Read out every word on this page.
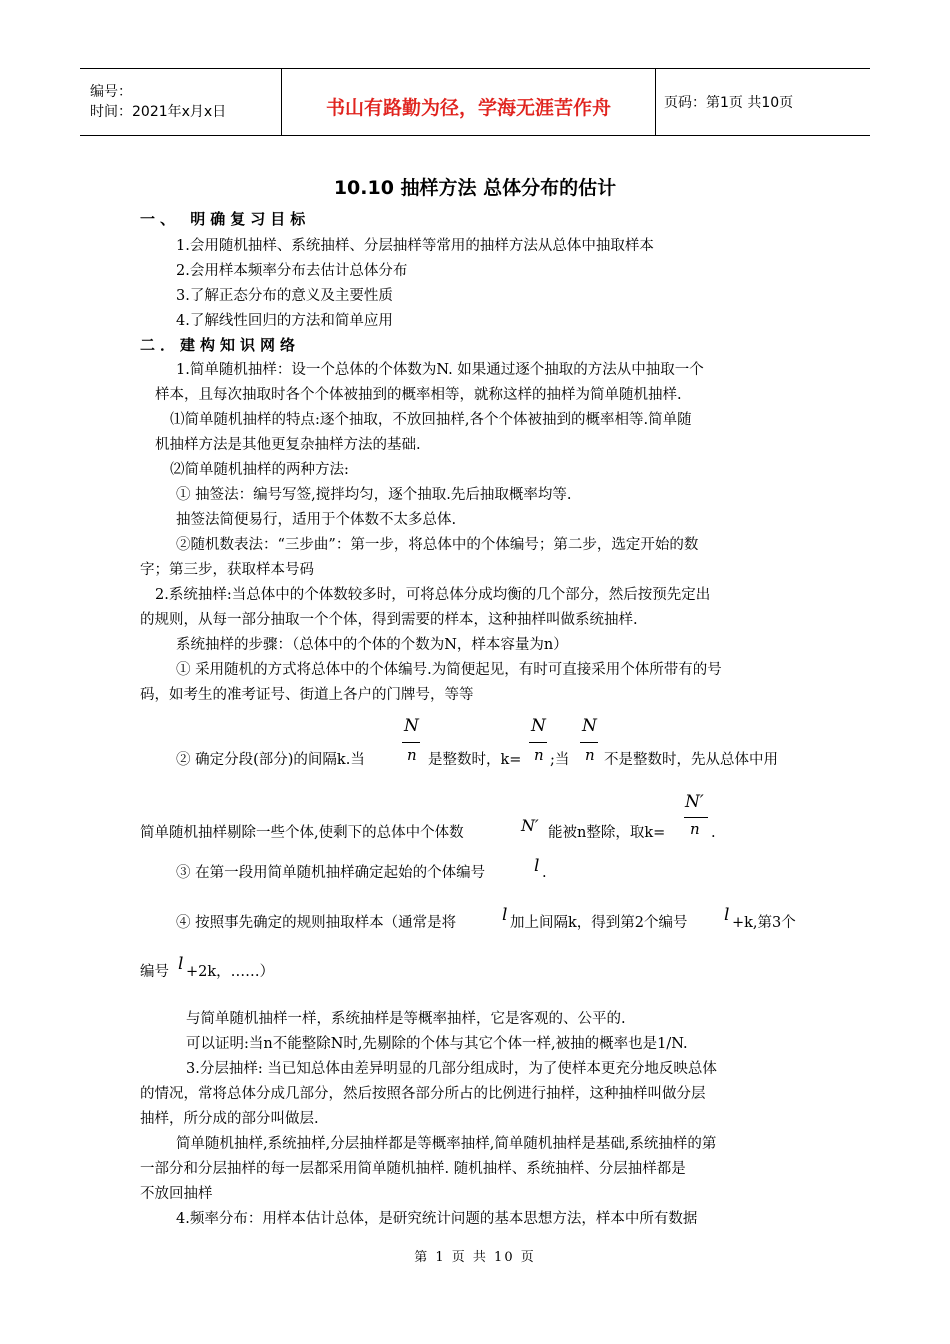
编号：
时间：2021年x月x日	书山有路勤为径，学海无涯苦作舟	页码：第1页 共10页
10.10 抽样方法 总体分布的估计
一、 明确复习目标
1.会用随机抽样、系统抽样、分层抽样等常用的抽样方法从总体中抽取样本
2.会用样本频率分布去估计总体分布
3.了解正态分布的意义及主要性质
4.了解线性回归的方法和简单应用
二．建构知识网络
1.简单随机抽样：设一个总体的个体数为N. 如果通过逐个抽取的方法从中抽取一个
样本，且每次抽取时各个个体被抽到的概率相等，就称这样的抽样为简单随机抽样.
⑴简单随机抽样的特点:逐个抽取，不放回抽样,各个个体被抽到的概率相等.简单随
机抽样方法是其他更复杂抽样方法的基础.
⑵简单随机抽样的两种方法:
① 抽签法：编号写签,搅拌均匀，逐个抽取.先后抽取概率均等.
抽签法简便易行，适用于个体数不太多总体.
②随机数表法：“三步曲”：第一步，将总体中的个体编号；第二步，选定开始的数
字；第三步，获取样本号码
2.系统抽样:当总体中的个体数较多时，可将总体分成均衡的几个部分，然后按预先定出
的规则，从每一部分抽取一个个体，得到需要的样本，这种抽样叫做系统抽样.
系统抽样的步骤：（总体中的个体的个数为N，样本容量为n）
① 采用随机的方式将总体中的个体编号.为简便起见，有时可直接采用个体所带有的号
码，如考生的准考证号、街道上各户的门牌号，等等
② 确定分段(部分)的间隔k.当
N
n 是整数时，k=
N
n ;当
N
n 不是整数时，先从总体中用
简单随机抽样剔除一些个体,使剩下的总体中个体数	N′ 能被n整除，取k=
N′
n .
③ 在第一段用简单随机抽样确定起始的个体编号	l .
④ 按照事先确定的规则抽取样本（通常是将	l 加上间隔k，得到第2个编号 l +k,第3个
编号 l +2k，……）
与简单随机抽样一样，系统抽样是等概率抽样，它是客观的、公平的.
可以证明:当n不能整除N时,先剔除的个体与其它个体一样,被抽的概率也是1/N.
3.分层抽样: 当已知总体由差异明显的几部分组成时，为了使样本更充分地反映总体
的情况，常将总体分成几部分，然后按照各部分所占的比例进行抽样，这种抽样叫做分层
抽样，所分成的部分叫做层.
简单随机抽样,系统抽样,分层抽样都是等概率抽样,简单随机抽样是基础,系统抽样的第
一部分和分层抽样的每一层都采用简单随机抽样. 随机抽样、系统抽样、分层抽样都是
不放回抽样
4.频率分布：用样本估计总体，是研究统计问题的基本思想方法，样本中所有数据
第 1 页 共 10 页
